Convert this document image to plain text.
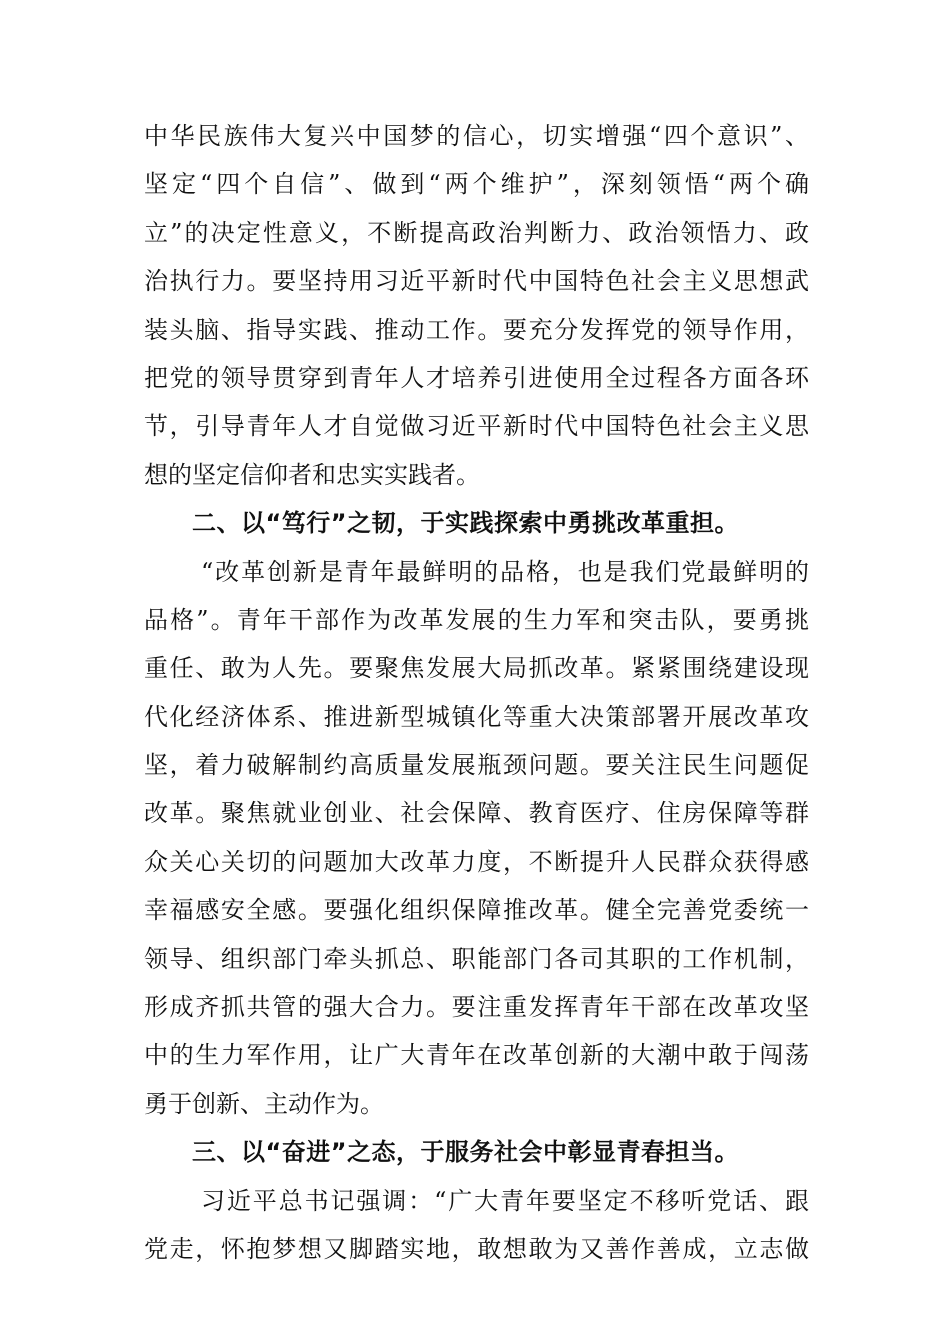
中华民族伟大复兴中国梦的信心，切实增强“四个意识”、
坚定“四个自信”、做到“两个维护”，深刻领悟“两个确
立”的决定性意义，不断提高政治判断力、政治领悟力、政
治执行力。要坚持用习近平新时代中国特色社会主义思想武
装头脑、指导实践、推动工作。要充分发挥党的领导作用，
把党的领导贯穿到青年人才培养引进使用全过程各方面各环
节，引导青年人才自觉做习近平新时代中国特色社会主义思
想的坚定信仰者和忠实实践者。
二、以“笃行”之韧，于实践探索中勇挑改革重担。
“改革创新是青年最鲜明的品格，也是我们党最鲜明的
品格”。青年干部作为改革发展的生力军和突击队，要勇挑
重任、敢为人先。要聚焦发展大局抓改革。紧紧围绕建设现
代化经济体系、推进新型城镇化等重大决策部署开展改革攻
坚，着力破解制约高质量发展瓶颈问题。要关注民生问题促
改革。聚焦就业创业、社会保障、教育医疗、住房保障等群
众关心关切的问题加大改革力度，不断提升人民群众获得感
幸福感安全感。要强化组织保障推改革。健全完善党委统一
领导、组织部门牵头抓总、职能部门各司其职的工作机制，
形成齐抓共管的强大合力。要注重发挥青年干部在改革攻坚
中的生力军作用，让广大青年在改革创新的大潮中敢于闯荡
勇于创新、主动作为。
三、以“奋进”之态，于服务社会中彰显青春担当。
习近平总书记强调：“广大青年要坚定不移听党话、跟
党走，怀抱梦想又脚踏实地，敢想敢为又善作善成，立志做
